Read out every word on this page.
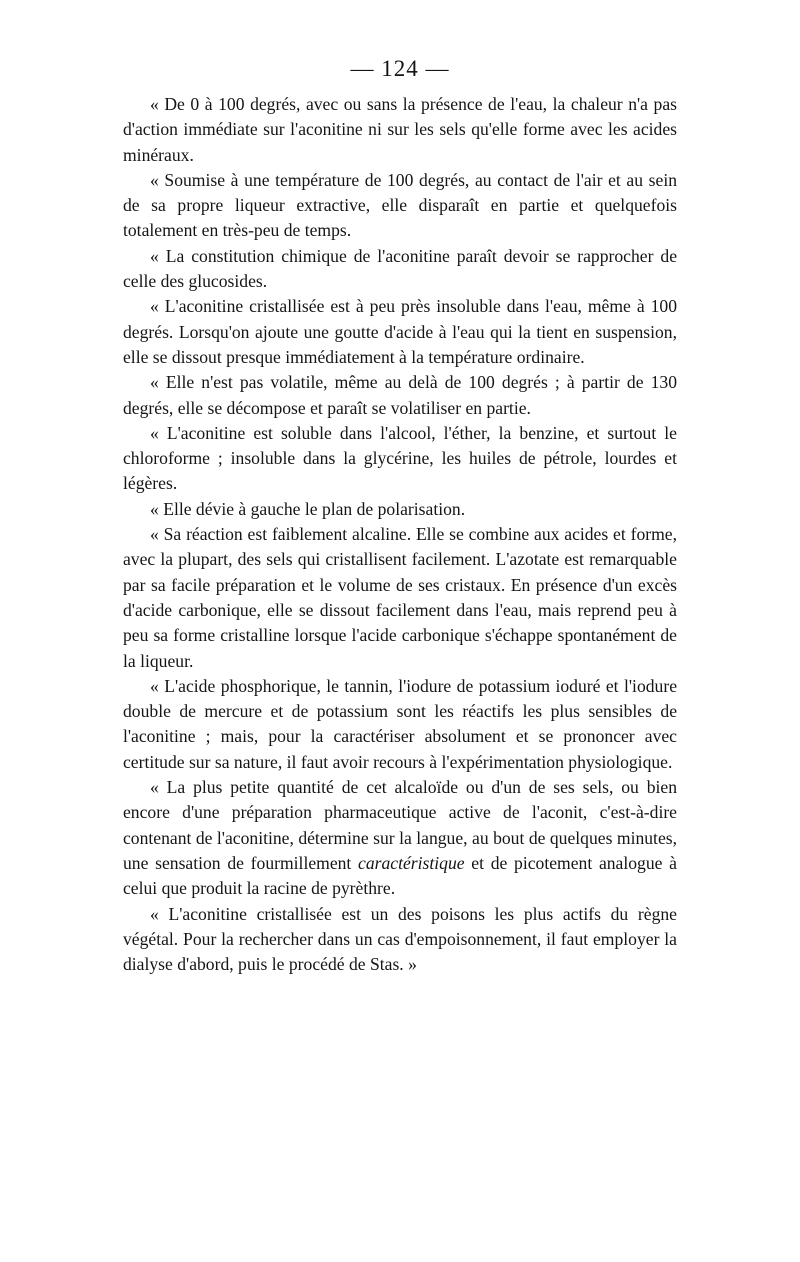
— 124 —

« De 0 à 100 degrés, avec ou sans la présence de l'eau, la chaleur n'a pas d'action immédiate sur l'aconitine ni sur les sels qu'elle forme avec les acides minéraux.

« Soumise à une température de 100 degrés, au contact de l'air et au sein de sa propre liqueur extractive, elle disparaît en partie et quelquefois totalement en très-peu de temps.

« La constitution chimique de l'aconitine paraît devoir se rapprocher de celle des glucosides.

« L'aconitine cristallisée est à peu près insoluble dans l'eau, même à 100 degrés. Lorsqu'on ajoute une goutte d'acide à l'eau qui la tient en suspension, elle se dissout presque immédiatement à la température ordinaire.

« Elle n'est pas volatile, même au delà de 100 degrés ; à partir de 130 degrés, elle se décompose et paraît se volatiliser en partie.

« L'aconitine est soluble dans l'alcool, l'éther, la benzine, et surtout le chloroforme ; insoluble dans la glycérine, les huiles de pétrole, lourdes et légères.

« Elle dévie à gauche le plan de polarisation.

« Sa réaction est faiblement alcaline. Elle se combine aux acides et forme, avec la plupart, des sels qui cristallisent facilement. L'azotate est remarquable par sa facile préparation et le volume de ses cristaux. En présence d'un excès d'acide carbonique, elle se dissout facilement dans l'eau, mais reprend peu à peu sa forme cristalline lorsque l'acide carbonique s'échappe spontanément de la liqueur.

« L'acide phosphorique, le tannin, l'iodure de potassium ioduré et l'iodure double de mercure et de potassium sont les réactifs les plus sensibles de l'aconitine ; mais, pour la caractériser absolument et se prononcer avec certitude sur sa nature, il faut avoir recours à l'expérimentation physiologique.

« La plus petite quantité de cet alcaloïde ou d'un de ses sels, ou bien encore d'une préparation pharmaceutique active de l'aconit, c'est-à-dire contenant de l'aconitine, détermine sur la langue, au bout de quelques minutes, une sensation de fourmillement caractéristique et de picotement analogue à celui que produit la racine de pyrèthre.

« L'aconitine cristallisée est un des poisons les plus actifs du règne végétal. Pour la rechercher dans un cas d'empoisonnement, il faut employer la dialyse d'abord, puis le procédé de Stas. »
